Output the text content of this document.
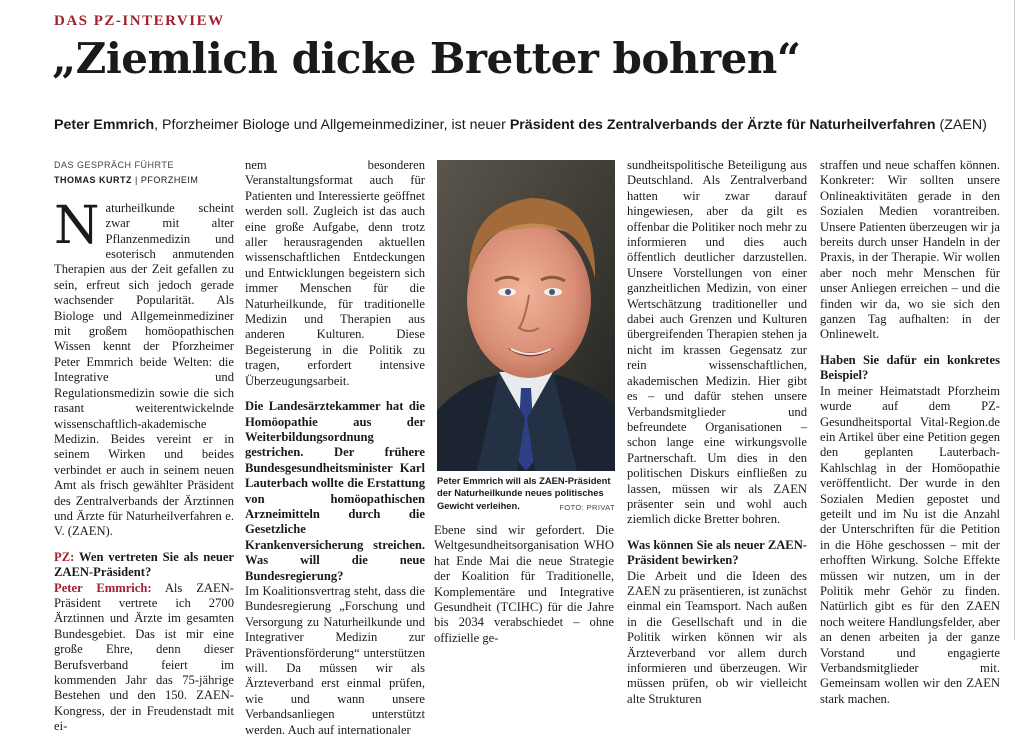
DAS PZ-INTERVIEW
„Ziemlich dicke Bretter bohren“
Peter Emmrich, Pforzheimer Biologe und Allgemeinmediziner, ist neuer Präsident des Zentralverbands der Ärzte für Naturheilverfahren (ZAEN)
DAS GESPRÄCH FÜHRTE
THOMAS KURTZ | PFORZHEIM

Naturheilkunde scheint zwar mit alter Pflanzenmedizin und esoterisch anmutenden Therapien aus der Zeit gefallen zu sein, erfreut sich jedoch gerade wachsender Popularität. Als Biologe und Allgemeinmediziner mit großem homöopathischen Wissen kennt der Pforzheimer Peter Emmrich beide Welten: die Integrative und Regulationsmedizin sowie die sich rasant weiterentwickelnde wissenschaftlich-akademische Medizin. Beides vereint er in seinem Wirken und beides verbindet er auch in seinem neuen Amt als frisch gewählter Präsident des Zentralverbands der Ärztinnen und Ärzte für Naturheilverfahren e. V. (ZAEN).

PZ: Wen vertreten Sie als neuer ZAEN-Präsident?

Peter Emmrich: Als ZAEN-Präsident vertrete ich 2700 Ärztinnen und Ärzte im gesamten Bundesgebiet. Das ist mir eine große Ehre, denn dieser Berufsverband feiert im kommenden Jahr das 75-jährige Bestehen und den 150. ZAEN-Kongress, der in Freudenstadt mit ei-

nem besonderen Veranstaltungsformat auch für Patienten und Interessierte geöffnet werden soll. Zugleich ist das auch eine große Aufgabe, denn trotz aller herausragenden aktuellen wissenschaftlichen Entdeckungen und Entwicklungen begeistern sich immer Menschen für die Naturheilkunde, für traditionelle Medizin und Therapien aus anderen Kulturen. Diese Begeisterung in die Politik zu tragen, erfordert intensive Überzeugungsarbeit.

Die Landesärztekammer hat die Homöopathie aus der Weiterbildungsordnung gestrichen. Der frühere Bundesgesundheitsminister Karl Lauterbach wollte die Erstattung von homöopathischen Arzneimitteln durch die Gesetzliche Krankenversicherung streichen. Was will die neue Bundesregierung?

Im Koalitionsvertrag steht, dass die Bundesregierung „Forschung und Versorgung zu Naturheilkunde und Integrativer Medizin zur Präventionsförderung“ unterstützen will. Da müssen wir als Ärzteverband erst einmal prüfen, wie und wann unsere Verbandsanliegen unterstützt werden. Auch auf internationaler

Peter Emmrich will als ZAEN-Präsident der Naturheilkunde neues politisches Gewicht verleihen.	FOTO: PRIVAT

Ebene sind wir gefordert. Die Weltgesundheitsorganisation WHO hat Ende Mai die neue Strategie der Koalition für Traditionelle, Komplementäre und Integrative Gesundheit (TCIHC) für die Jahre bis 2034 verabschiedet – ohne offizielle ge-

sundheitspolitische Beteiligung aus Deutschland. Als Zentralverband hatten wir zwar darauf hingewiesen, aber da gilt es offenbar die Politiker noch mehr zu informieren und dies auch öffentlich deutlicher darzustellen. Unsere Vorstellungen von einer ganzheitlichen Medizin, von einer Wertschätzung traditioneller und dabei auch Grenzen und Kulturen übergreifenden Therapien stehen ja nicht im krassen Gegensatz zur rein wissenschaftlichen, akademischen Medizin. Hier gibt es – und dafür stehen unsere Verbandsmitglieder und befreundete Organisationen – schon lange eine wirkungsvolle Partnerschaft. Um dies in den politischen Diskurs einfließen zu lassen, müssen wir als ZAEN präsenter sein und wohl auch ziemlich dicke Bretter bohren.

Was können Sie als neuer ZAEN-Präsident bewirken?

Die Arbeit und die Ideen des ZAEN zu präsentieren, ist zunächst einmal ein Teamsport. Nach außen in die Gesellschaft und in die Politik wirken können wir als Ärzteverband vor allem durch informieren und überzeugen. Wir müssen prüfen, ob wir vielleicht alte Strukturen

straffen und neue schaffen können. Konkreter: Wir sollten unsere Onlineaktivitäten gerade in den Sozialen Medien vorantreiben. Unsere Patienten überzeugen wir ja bereits durch unser Handeln in der Praxis, in der Therapie. Wir wollen aber noch mehr Menschen für unser Anliegen erreichen – und die finden wir da, wo sie sich den ganzen Tag aufhalten: in der Onlinewelt.

Haben Sie dafür ein konkretes Beispiel?

In meiner Heimatstadt Pforzheim wurde auf dem PZ-Gesundheitsportal Vital-Region.de ein Artikel über eine Petition gegen den geplanten Lauterbach-Kahlschlag in der Homöopathie veröffentlicht. Der wurde in den Sozialen Medien gepostet und geteilt und im Nu ist die Anzahl der Unterschriften für die Petition in die Höhe geschossen – mit der erhofften Wirkung. Solche Effekte müssen wir nutzen, um in der Politik mehr Gehör zu finden. Natürlich gibt es für den ZAEN noch weitere Handlungsfelder, aber an denen arbeiten ja der ganze Vorstand und engagierte Verbandsmitglieder mit. Gemeinsam wollen wir den ZAEN stark machen.
